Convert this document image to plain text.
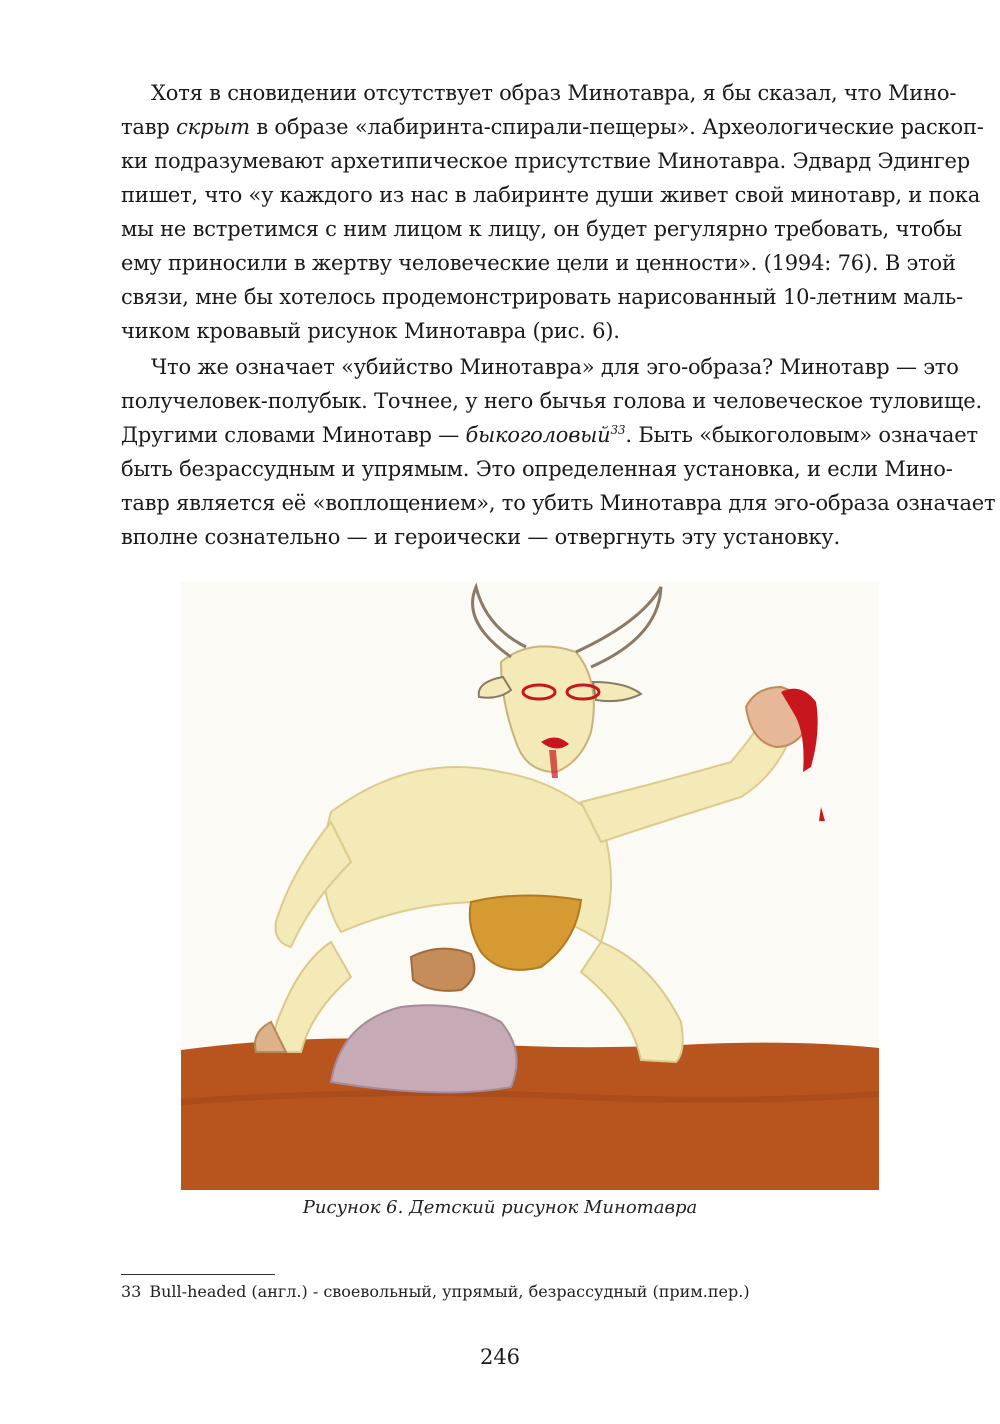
Хотя в сновидении отсутствует образ Минотавра, я бы сказал, что Мино-
тавр скрыт в образе «лабиринта-спирали-пещеры». Археологические раскоп-
ки подразумевают архетипическое присутствие Минотавра. Эдвард Эдингер
пишет, что «у каждого из нас в лабиринте души живет свой минотавр, и пока
мы не встретимся с ним лицом к лицу, он будет регулярно требовать, чтобы
ему приносили в жертву человеческие цели и ценности». (1994: 76). В этой
связи, мне бы хотелось продемонстрировать нарисованный 10-летним маль-
чиком кровавый рисунок Минотавра (рис. 6).

Что же означает «убийство Минотавра» для эго-образа? Минотавр — это
получеловек-полубык. Точнее, у него бычья голова и человеческое туловище.
Другими словами Минотавр — быкоголовый$^{33}$. Быть «быкоголовым» означает
быть безрассудным и упрямым. Это определенная установка, и если Мино-
тавр является её «воплощением», то убить Минотавра для эго-образа означает
вполне сознательно — и героически — отвергнуть эту установку.

Рисунок 6. Детский рисунок Минотавра
33 Bull-headed (англ.) - своевольный, упрямый, безрассудный (прим.пер.)
246
